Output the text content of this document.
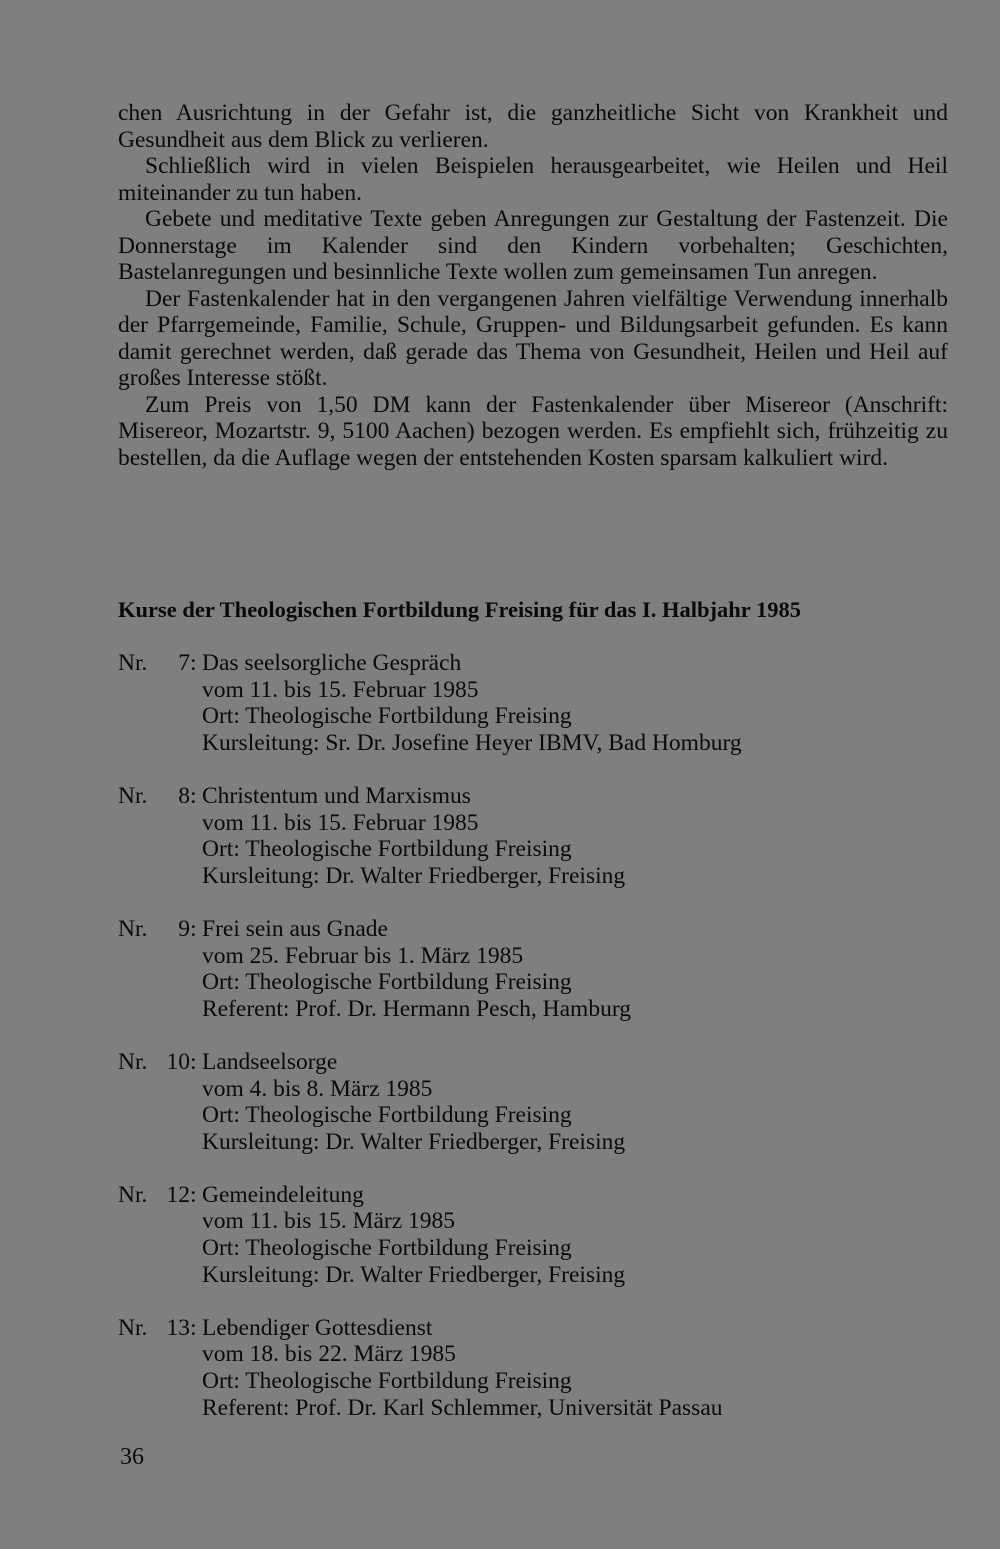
chen Ausrichtung in der Gefahr ist, die ganzheitliche Sicht von Krankheit und Gesundheit aus dem Blick zu verlieren.

Schließlich wird in vielen Beispielen herausgearbeitet, wie Heilen und Heil miteinander zu tun haben.

Gebete und meditative Texte geben Anregungen zur Gestaltung der Fastenzeit. Die Donnerstage im Kalender sind den Kindern vorbehalten; Geschichten, Bastelanregungen und besinnliche Texte wollen zum gemeinsamen Tun anregen.

Der Fastenkalender hat in den vergangenen Jahren vielfältige Verwendung innerhalb der Pfarrgemeinde, Familie, Schule, Gruppen- und Bildungsarbeit gefunden. Es kann damit gerechnet werden, daß gerade das Thema von Gesundheit, Heilen und Heil auf großes Interesse stößt.

Zum Preis von 1,50 DM kann der Fastenkalender über Misereor (Anschrift: Misereor, Mozartstr. 9, 5100 Aachen) bezogen werden. Es empfiehlt sich, frühzeitig zu bestellen, da die Auflage wegen der entstehenden Kosten sparsam kalkuliert wird.

Kurse der Theologischen Fortbildung Freising für das I. Halbjahr 1985
Nr. 7: Das seelsorgliche Gespräch
vom 11. bis 15. Februar 1985
Ort: Theologische Fortbildung Freising
Kursleitung: Sr. Dr. Josefine Heyer IBMV, Bad Homburg
Nr. 8: Christentum und Marxismus
vom 11. bis 15. Februar 1985
Ort: Theologische Fortbildung Freising
Kursleitung: Dr. Walter Friedberger, Freising
Nr. 9: Frei sein aus Gnade
vom 25. Februar bis 1. März 1985
Ort: Theologische Fortbildung Freising
Referent: Prof. Dr. Hermann Pesch, Hamburg
Nr. 10: Landseelsorge
vom 4. bis 8. März 1985
Ort: Theologische Fortbildung Freising
Kursleitung: Dr. Walter Friedberger, Freising
Nr. 12: Gemeindeleitung
vom 11. bis 15. März 1985
Ort: Theologische Fortbildung Freising
Kursleitung: Dr. Walter Friedberger, Freising
Nr. 13: Lebendiger Gottesdienst
vom 18. bis 22. März 1985
Ort: Theologische Fortbildung Freising
Referent: Prof. Dr. Karl Schlemmer, Universität Passau
36
